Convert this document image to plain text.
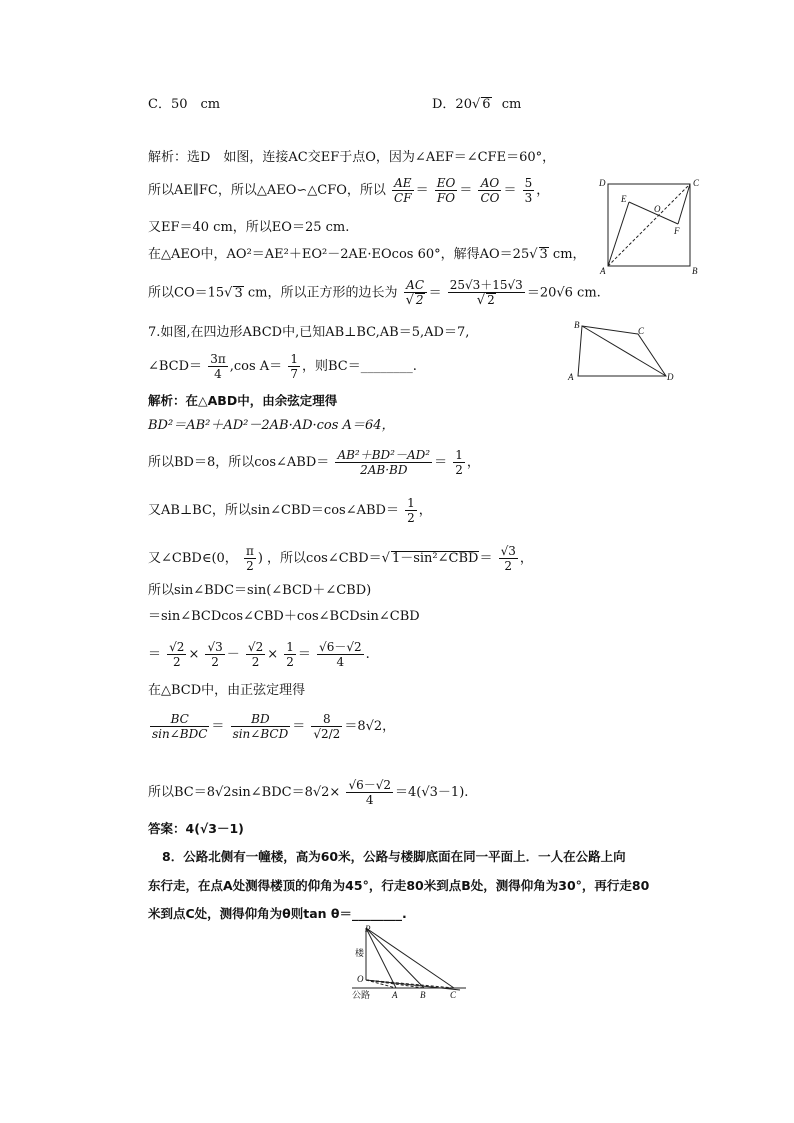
C．50　cm	D．20√ 6 cm
解析：选D　如图，连接AC交EF于点O，因为∠AEF＝∠CFE＝60°，
所以AE∥FC，所以△AEO∽△CFO，所以 $\frac{AE}{CF} = \frac{EO}{FO} = \frac{AO}{CO} = \frac{5}{3}$ ，
又EF＝40 cm，所以EO＝25 cm.
在△AEO中，AO²＝AE²＋EO²－2AE·EOcos 60°，解得AO＝25√ 3 cm，
所以CO＝15√ 3 cm，所以正方形的边长为 $\frac{AC}{√ 2} = \frac{25√3+15√3}{√ 2} =20√6$ cm.
D	C
E
O
F
A	B
7.如图,在四边形ABCD中,已知AB⊥BC,AB＝5,AD＝7,
∠BCD＝ $\frac{3\pi}{4} ,\cos$ $A= \frac{1}{7}$ ，则BC＝________.
B
C
A	D
解析：在△ABD中，由余弦定理得
BD²＝AB²＋AD²－2AB·AD·cos A＝64，
所以BD＝8，所以cos∠ABD＝ $\frac{\text{AB²＋BD²－AD²}}{2AB\cdot BD} = \frac{1}{2}$ ，
又AB⊥BC，所以sin∠CBD＝cos∠ABD＝ $\frac{1}{2}$ ，
又∠CBD∈(0， $\frac{\pi}{2}$ ) ，所以cos∠CBD＝√ 1－sin²∠CBD＝ $\frac{√3}{2}$ ，
所以sin∠BDC＝sin(∠BCD＋∠CBD)
＝sin∠BCDcos∠CBD＋cos∠BCDsin∠CBD
＝ $\frac{√2}{2} \times \frac{√3}{2} - \frac{√2}{2} \times \frac{1}{2} = \frac{√6-√2}{4}$ .
在△BCD中，由正弦定理得
$\frac{BC}{\text{sin∠BDC}} = \frac{BD}{\text{sin∠BCD}} = \frac{8}{√2/2} =8√2$，
所以BC＝8√2sin∠BDC＝8√2× $\frac{√6-√2}{4} =4(√3-1)$.
答案：4(√3－1)
8．公路北侧有一幢楼，高为60米，公路与楼脚底面在同一平面上．一人在公路上向
东行走，在点A处测得楼顶的仰角为45°，行走80米到点B处，测得仰角为30°，再行走80
米到点C处，测得仰角为θ则tan θ＝________.
P
楼
O
公路 A	B	C
